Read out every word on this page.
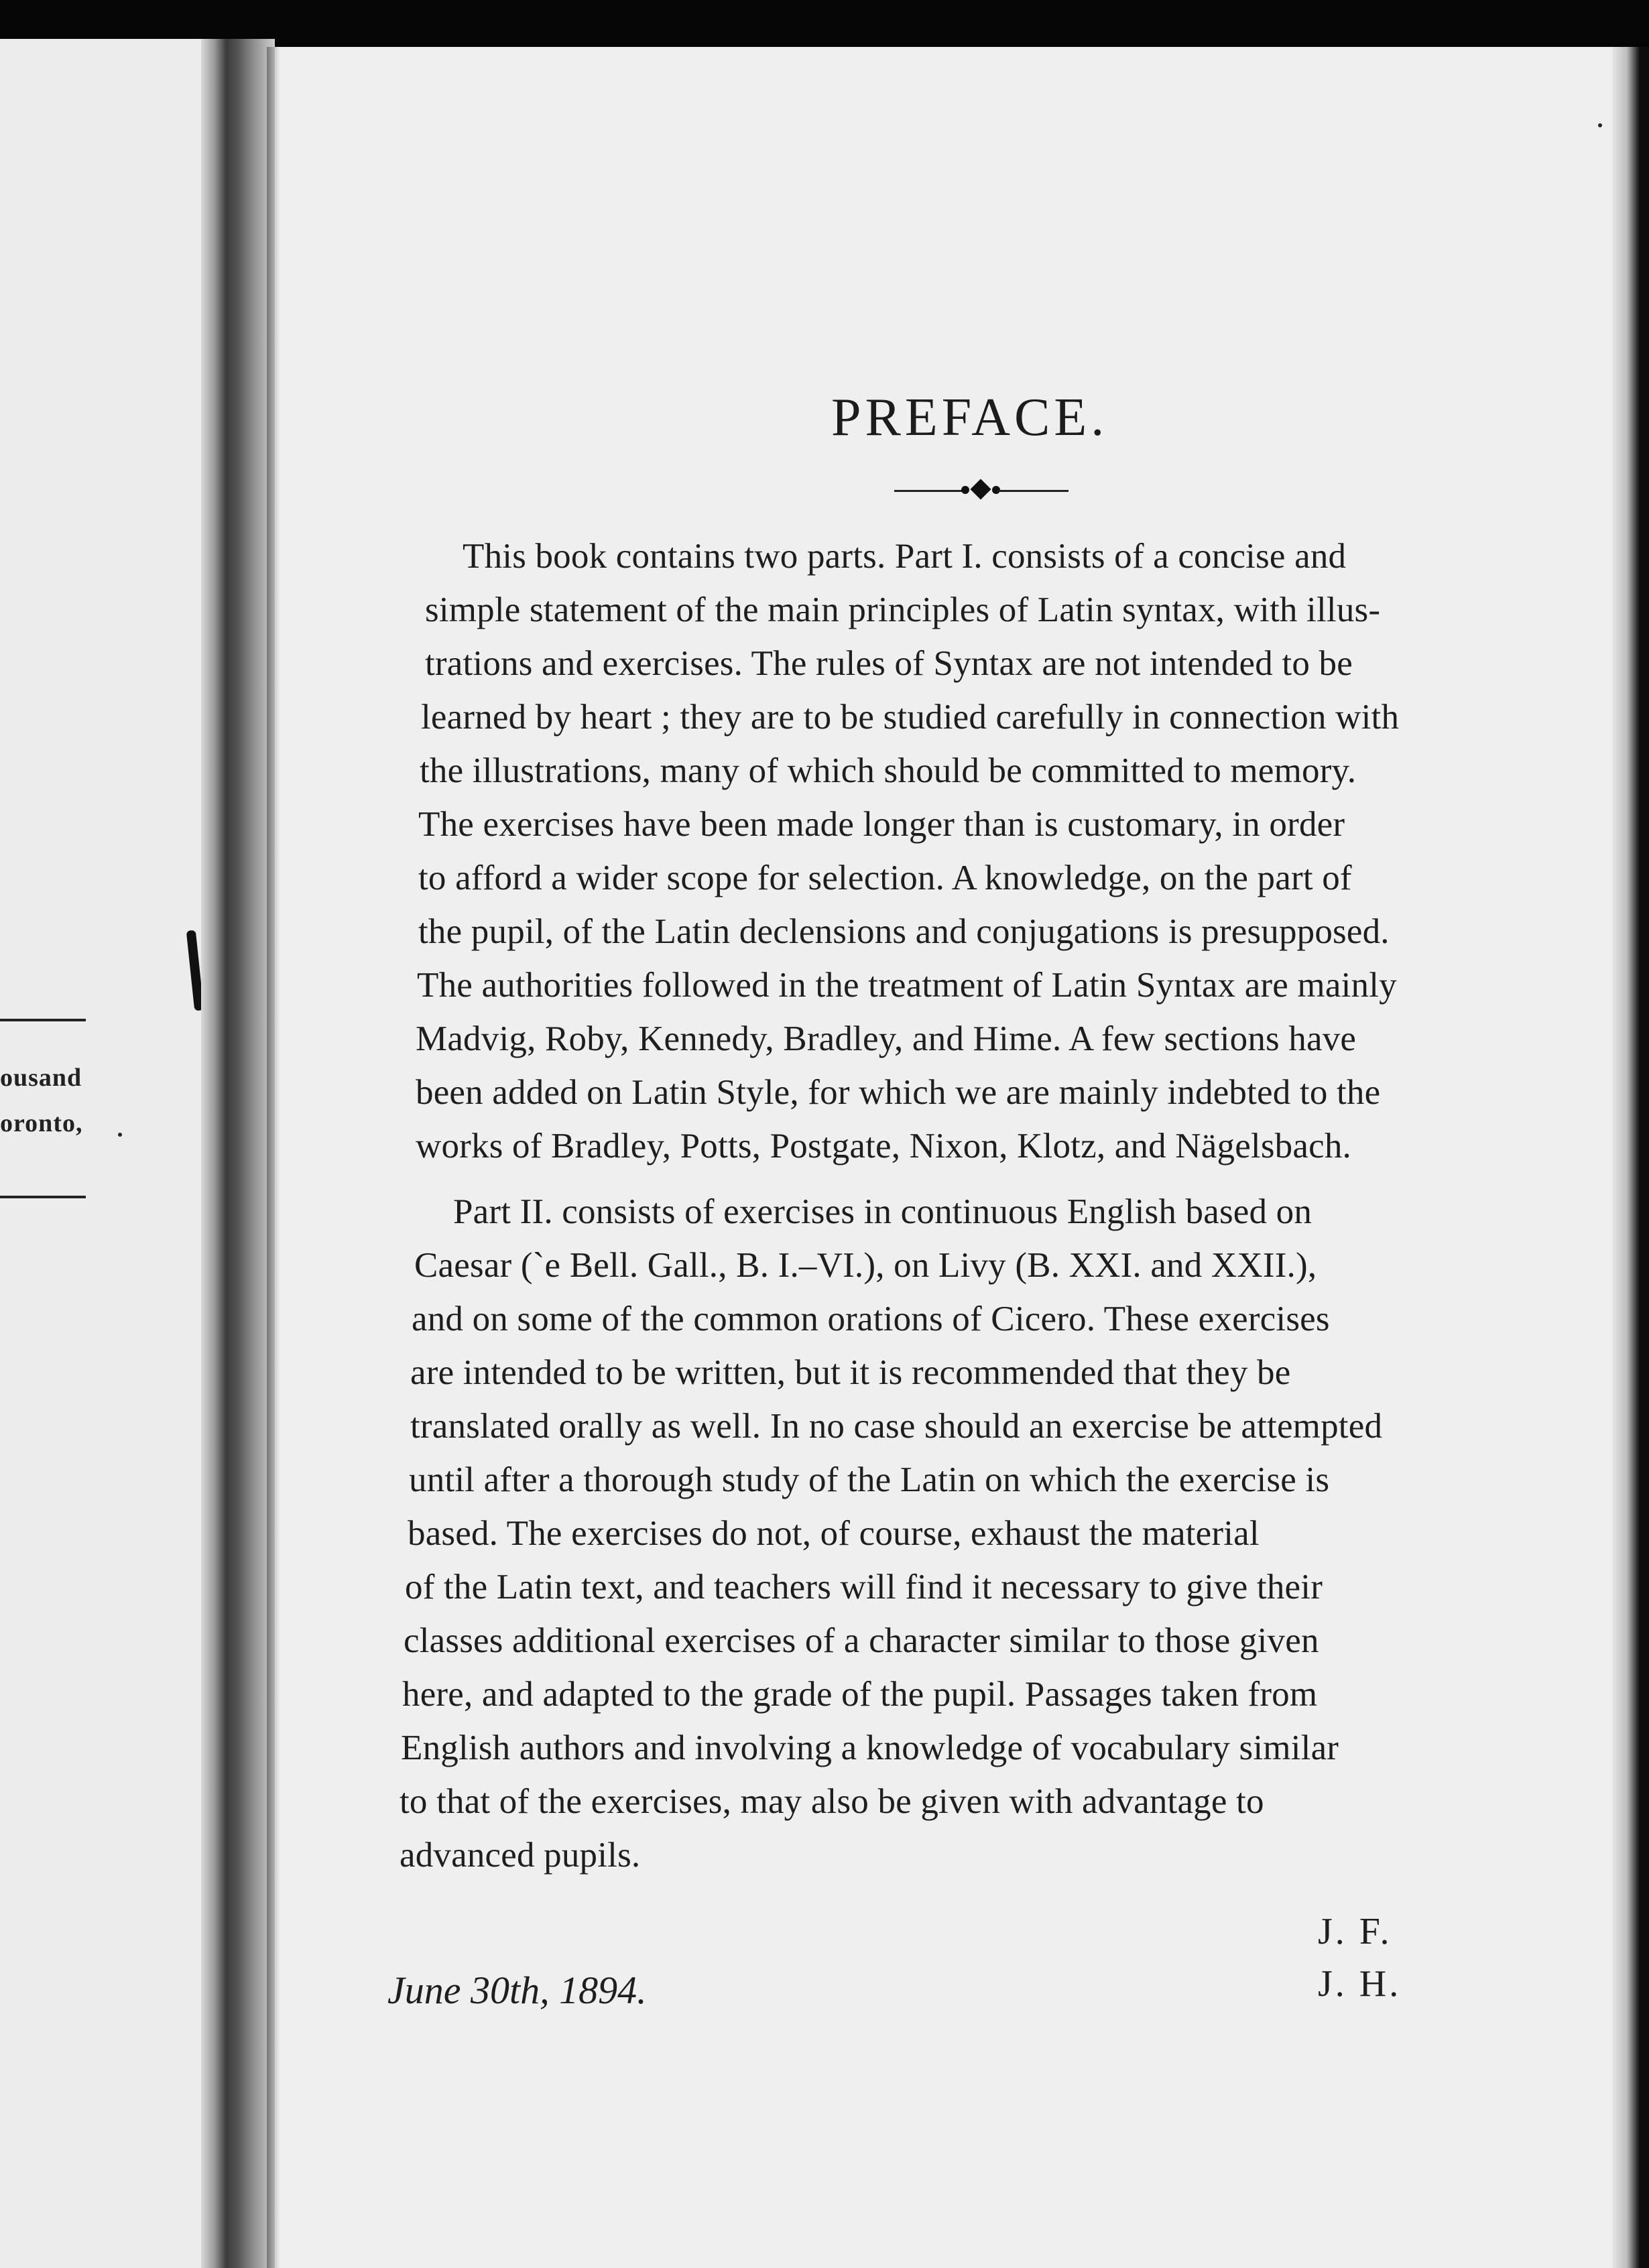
ousand
oronto,
PREFACE.
This book contains two parts. Part I. consists of a concise and
simple statement of the main principles of Latin syntax, with illus-
trations and exercises. The rules of Syntax are not intended to be
learned by heart ; they are to be studied carefully in connection with
the illustrations, many of which should be committed to memory.
The exercises have been made longer than is customary, in order
to afford a wider scope for selection. A knowledge, on the part of
the pupil, of the Latin declensions and conjugations is presupposed.
The authorities followed in the treatment of Latin Syntax are mainly
Madvig, Roby, Kennedy, Bradley, and Hime. A few sections have
been added on Latin Style, for which we are mainly indebted to the
works of Bradley, Potts, Postgate, Nixon, Klotz, and Nägelsbach.
Part II. consists of exercises in continuous English based on
Caesar (`e Bell. Gall., B. I.–VI.), on Livy (B. XXI. and XXII.),
and on some of the common orations of Cicero. These exercises
are intended to be written, but it is recommended that they be
translated orally as well. In no case should an exercise be attempted
until after a thorough study of the Latin on which the exercise is
based. The exercises do not, of course, exhaust the material
of the Latin text, and teachers will find it necessary to give their
classes additional exercises of a character similar to those given
here, and adapted to the grade of the pupil. Passages taken from
English authors and involving a knowledge of vocabulary similar
to that of the exercises, may also be given with advantage to
advanced pupils.
J. F.
J. H.
June 30th, 1894.
